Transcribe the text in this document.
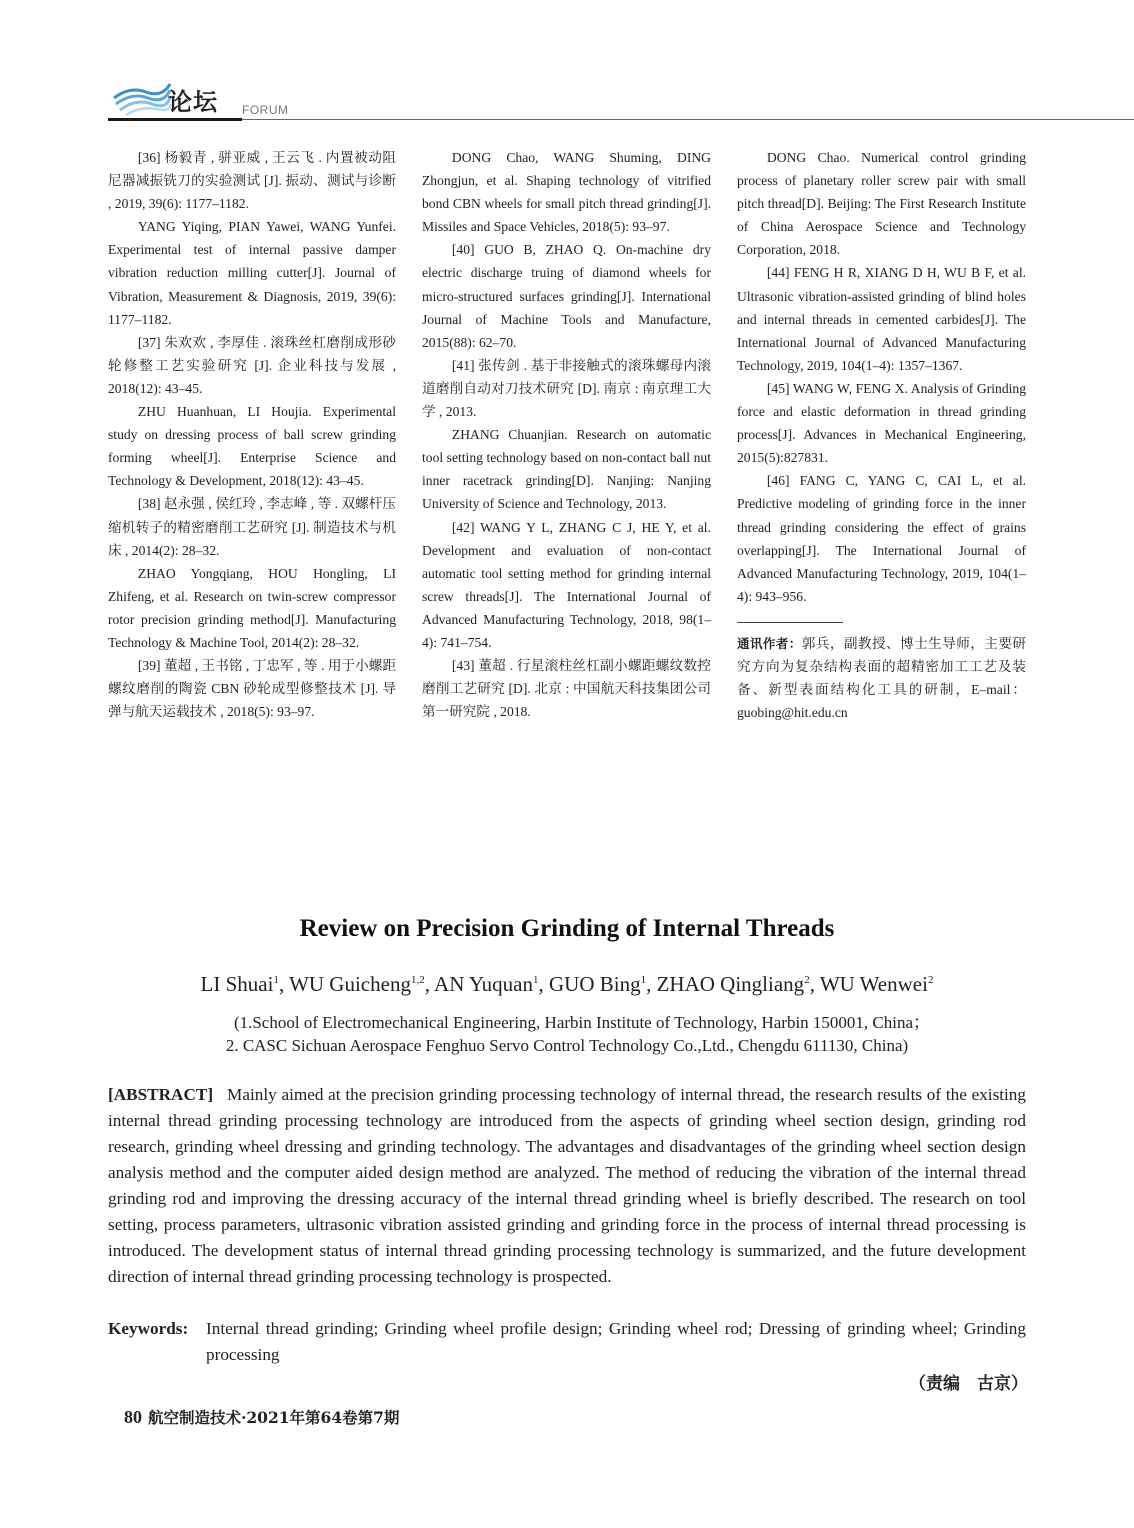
论坛 FORUM

[36] 杨毅青 , 骈亚威 , 王云飞 . 内置被动阻尼器减振铣刀的实验测试 [J]. 振动、测试与诊断 , 2019, 39(6): 1177–1182.

YANG Yiqing, PIAN Yawei, WANG Yunfei. Experimental test of internal passive damper vibration reduction milling cutter[J]. Journal of Vibration, Measurement & Diagnosis, 2019, 39(6): 1177–1182.

[37] 朱欢欢 , 李厚佳 . 滚珠丝杠磨削成形砂轮修整工艺实验研究 [J]. 企业科技与发展 , 2018(12): 43–45.

ZHU Huanhuan, LI Houjia. Experimental study on dressing process of ball screw grinding forming wheel[J]. Enterprise Science and Technology & Development, 2018(12): 43–45.

[38] 赵永强 , 侯红玲 , 李志峰 , 等 . 双螺杆压缩机转子的精密磨削工艺研究 [J]. 制造技术与机床 , 2014(2): 28–32.

ZHAO Yongqiang, HOU Hongling, LI Zhifeng, et al. Research on twin-screw compressor rotor precision grinding method[J]. Manufacturing Technology & Machine Tool, 2014(2): 28–32.

[39] 董超 , 王书铭 , 丁忠军 , 等 . 用于小螺距螺纹磨削的陶瓷 CBN 砂轮成型修整技术 [J]. 导弹与航天运载技术 , 2018(5): 93–97.

DONG Chao, WANG Shuming, DING Zhongjun, et al. Shaping technology of vitrified bond CBN wheels for small pitch thread grinding[J]. Missiles and Space Vehicles, 2018(5): 93–97.

[40] GUO B, ZHAO Q. On-machine dry electric discharge truing of diamond wheels for micro-structured surfaces grinding[J]. International Journal of Machine Tools and Manufacture, 2015(88): 62–70.

[41] 张传剑 . 基于非接触式的滚珠螺母内滚道磨削自动对刀技术研究 [D]. 南京 : 南京理工大学 , 2013.

ZHANG Chuanjian. Research on automatic tool setting technology based on non-contact ball nut inner racetrack grinding[D]. Nanjing: Nanjing University of Science and Technology, 2013.

[42] WANG Y L, ZHANG C J, HE Y, et al. Development and evaluation of non-contact automatic tool setting method for grinding internal screw threads[J]. The International Journal of Advanced Manufacturing Technology, 2018, 98(1–4): 741–754.

[43] 董超 . 行星滚柱丝杠副小螺距螺纹数控磨削工艺研究 [D]. 北京 : 中国航天科技集团公司第一研究院 , 2018.

DONG Chao. Numerical control grinding process of planetary roller screw pair with small pitch thread[D]. Beijing: The First Research Institute of China Aerospace Science and Technology Corporation, 2018.

[44] FENG H R, XIANG D H, WU B F, et al. Ultrasonic vibration-assisted grinding of blind holes and internal threads in cemented carbides[J]. The International Journal of Advanced Manufacturing Technology, 2019, 104(1–4): 1357–1367.

[45] WANG W, FENG X. Analysis of Grinding force and elastic deformation in thread grinding process[J]. Advances in Mechanical Engineering, 2015(5):827831.

[46] FANG C, YANG C, CAI L, et al. Predictive modeling of grinding force in the inner thread grinding considering the effect of grains overlapping[J]. The International Journal of Advanced Manufacturing Technology, 2019, 104(1–4): 943–956.

通讯作者：郭兵，副教授、博士生导师，主要研究方向为复杂结构表面的超精密加工工艺及装备、新型表面结构化工具的研制，E–mail：guobing@hit.edu.cn

Review on Precision Grinding of Internal Threads
LI Shuai$^1$, WU Guicheng$^{1,2}$, AN Yuquan$^1$, GUO Bing$^1$, ZHAO Qingliang$^2$, WU Wenwei$^2$
(1.School of Electromechanical Engineering, Harbin Institute of Technology, Harbin 150001, China；
2. CASC Sichuan Aerospace Fenghuo Servo Control Technology Co.,Ltd., Chengdu 611130, China)

[ABSTRACT] Mainly aimed at the precision grinding processing technology of internal thread, the research results of the existing internal thread grinding processing technology are introduced from the aspects of grinding wheel section design, grinding rod research, grinding wheel dressing and grinding technology. The advantages and disadvantages of the grinding wheel section design analysis method and the computer aided design method are analyzed. The method of reducing the vibration of the internal thread grinding rod and improving the dressing accuracy of the internal thread grinding wheel is briefly described. The research on tool setting, process parameters, ultrasonic vibration assisted grinding and grinding force in the process of internal thread processing is introduced. The development status of internal thread grinding processing technology is summarized, and the future development direction of internal thread grinding processing technology is prospected.

Keywords: Internal thread grinding; Grinding wheel profile design; Grinding wheel rod; Dressing of grinding wheel; Grinding processing
（责编　古京）
80 航空制造技术·2021年第64卷第7期
